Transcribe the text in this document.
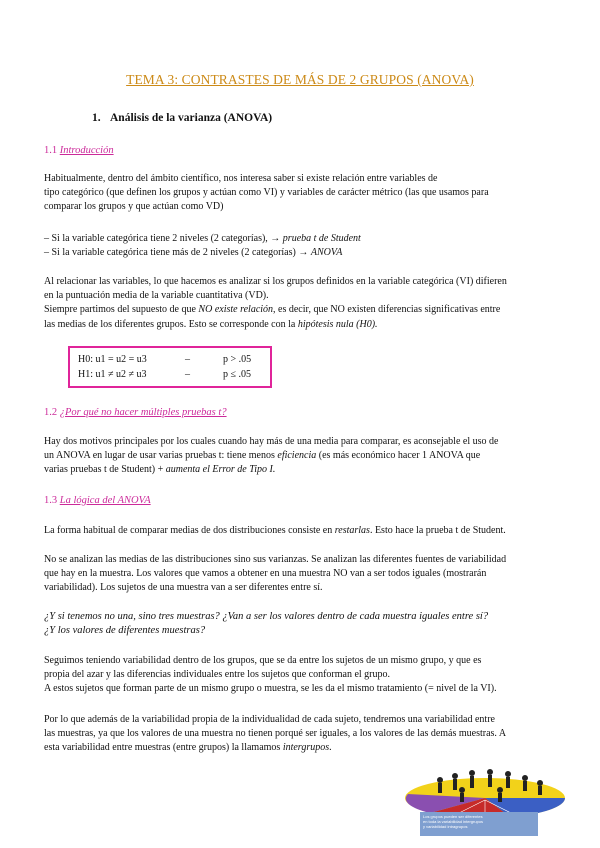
TEMA 3: CONTRASTES DE MÁS DE 2 GRUPOS (ANOVA)
1. Análisis de la varianza (ANOVA)
1.1 Introducción

Habitualmente, dentro del ámbito científico, nos interesa saber si existe relación entre variables de

tipo categórico (que definen los grupos y actúan como VI) y variables de carácter métrico (las que usamos para

comparar los grupos y que actúan como VD)

– Si la variable categórica tiene 2 niveles (2 categorías), → prueba t de Student

– Si la variable categórica tiene más de 2 niveles (2 categorías) → ANOVA

Al relacionar las variables, lo que hacemos es analizar si los grupos definidos en la variable categórica (VI) difieren

en la puntuación media de la variable cuantitativa (VD).

Siempre partimos del supuesto de que NO existe relación, es decir, que NO existen diferencias significativas entre

las medias de los diferentes grupos. Esto se corresponde con la hipótesis nula (H0).

H0: u1 = u2 = u3	–	p > .05
H1: u1 ≠ u2 ≠ u3	–	p ≤ .05
1.2 ¿Por qué no hacer múltiples pruebas t?

Hay dos motivos principales por los cuales cuando hay más de una media para comparar, es aconsejable el uso de

un ANOVA en lugar de usar varias pruebas t: tiene menos eficiencia (es más económico hacer 1 ANOVA que

varias pruebas t de Student) + aumenta el Error de Tipo I.

1.3 La lógica del ANOVA

La forma habitual de comparar medias de dos distribuciones consiste en restarlas. Esto hace la prueba t de Student.

No se analizan las medias de las distribuciones sino sus varianzas. Se analizan las diferentes fuentes de variabilidad

que hay en la muestra. Los valores que vamos a obtener en una muestra NO van a ser todos iguales (mostrarán

variabilidad). Los sujetos de una muestra van a ser diferentes entre sí.

¿Y si tenemos no una, sino tres muestras? ¿Van a ser los valores dentro de cada muestra iguales entre sí?
¿Y los valores de diferentes muestras?

Seguimos teniendo variabilidad dentro de los grupos, que se da entre los sujetos de un mismo grupo, y que es

propia del azar y las diferencias individuales entre los sujetos que conforman el grupo.

A estos sujetos que forman parte de un mismo grupo o muestra, se les da el mismo tratamiento (= nivel de la VI).

Por lo que además de la variabilidad propia de la individualidad de cada sujeto, tendremos una variabilidad entre

las muestras, ya que los valores de una muestra no tienen porqué ser iguales, a los valores de las demás muestras. A

esta variabilidad entre muestras (entre grupos) la llamamos intergrupos.

Los grupos pueden ser diferentes
en toda la variabilidad intergrupos
y variabilidad intragrupos
